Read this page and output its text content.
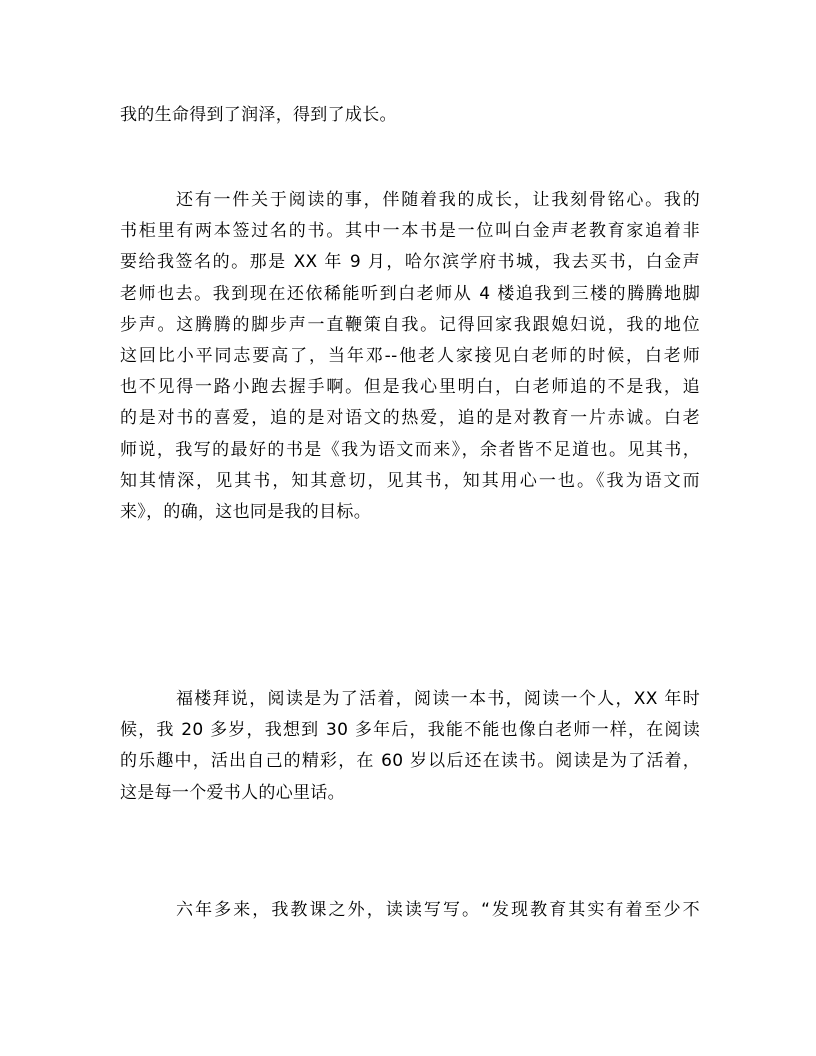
我的生命得到了润泽，得到了成长。
还有一件关于阅读的事，伴随着我的成长，让我刻骨铭心。我的
书柜里有两本签过名的书。其中一本书是一位叫白金声老教育家追着非
要给我签名的。那是 XX 年 9 月，哈尔滨学府书城，我去买书，白金声
老师也去。我到现在还依稀能听到白老师从 4 楼追我到三楼的腾腾地脚
步声。这腾腾的脚步声一直鞭策自我。记得回家我跟媳妇说，我的地位
这回比小平同志要高了，当年邓--他老人家接见白老师的时候，白老师
也不见得一路小跑去握手啊。但是我心里明白，白老师追的不是我，追
的是对书的喜爱，追的是对语文的热爱，追的是对教育一片赤诚。白老
师说，我写的最好的书是《我为语文而来》，余者皆不足道也。见其书，
知其情深，见其书，知其意切，见其书，知其用心一也。《我为语文而
来》，的确，这也同是我的目标。
福楼拜说，阅读是为了活着，阅读一本书，阅读一个人，XX 年时
候，我 20 多岁，我想到 30 多年后，我能不能也像白老师一样，在阅读
的乐趣中，活出自己的精彩，在 60 岁以后还在读书。阅读是为了活着，
这是每一个爱书人的心里话。
六年多来，我教课之外，读读写写。“发现教育其实有着至少不
